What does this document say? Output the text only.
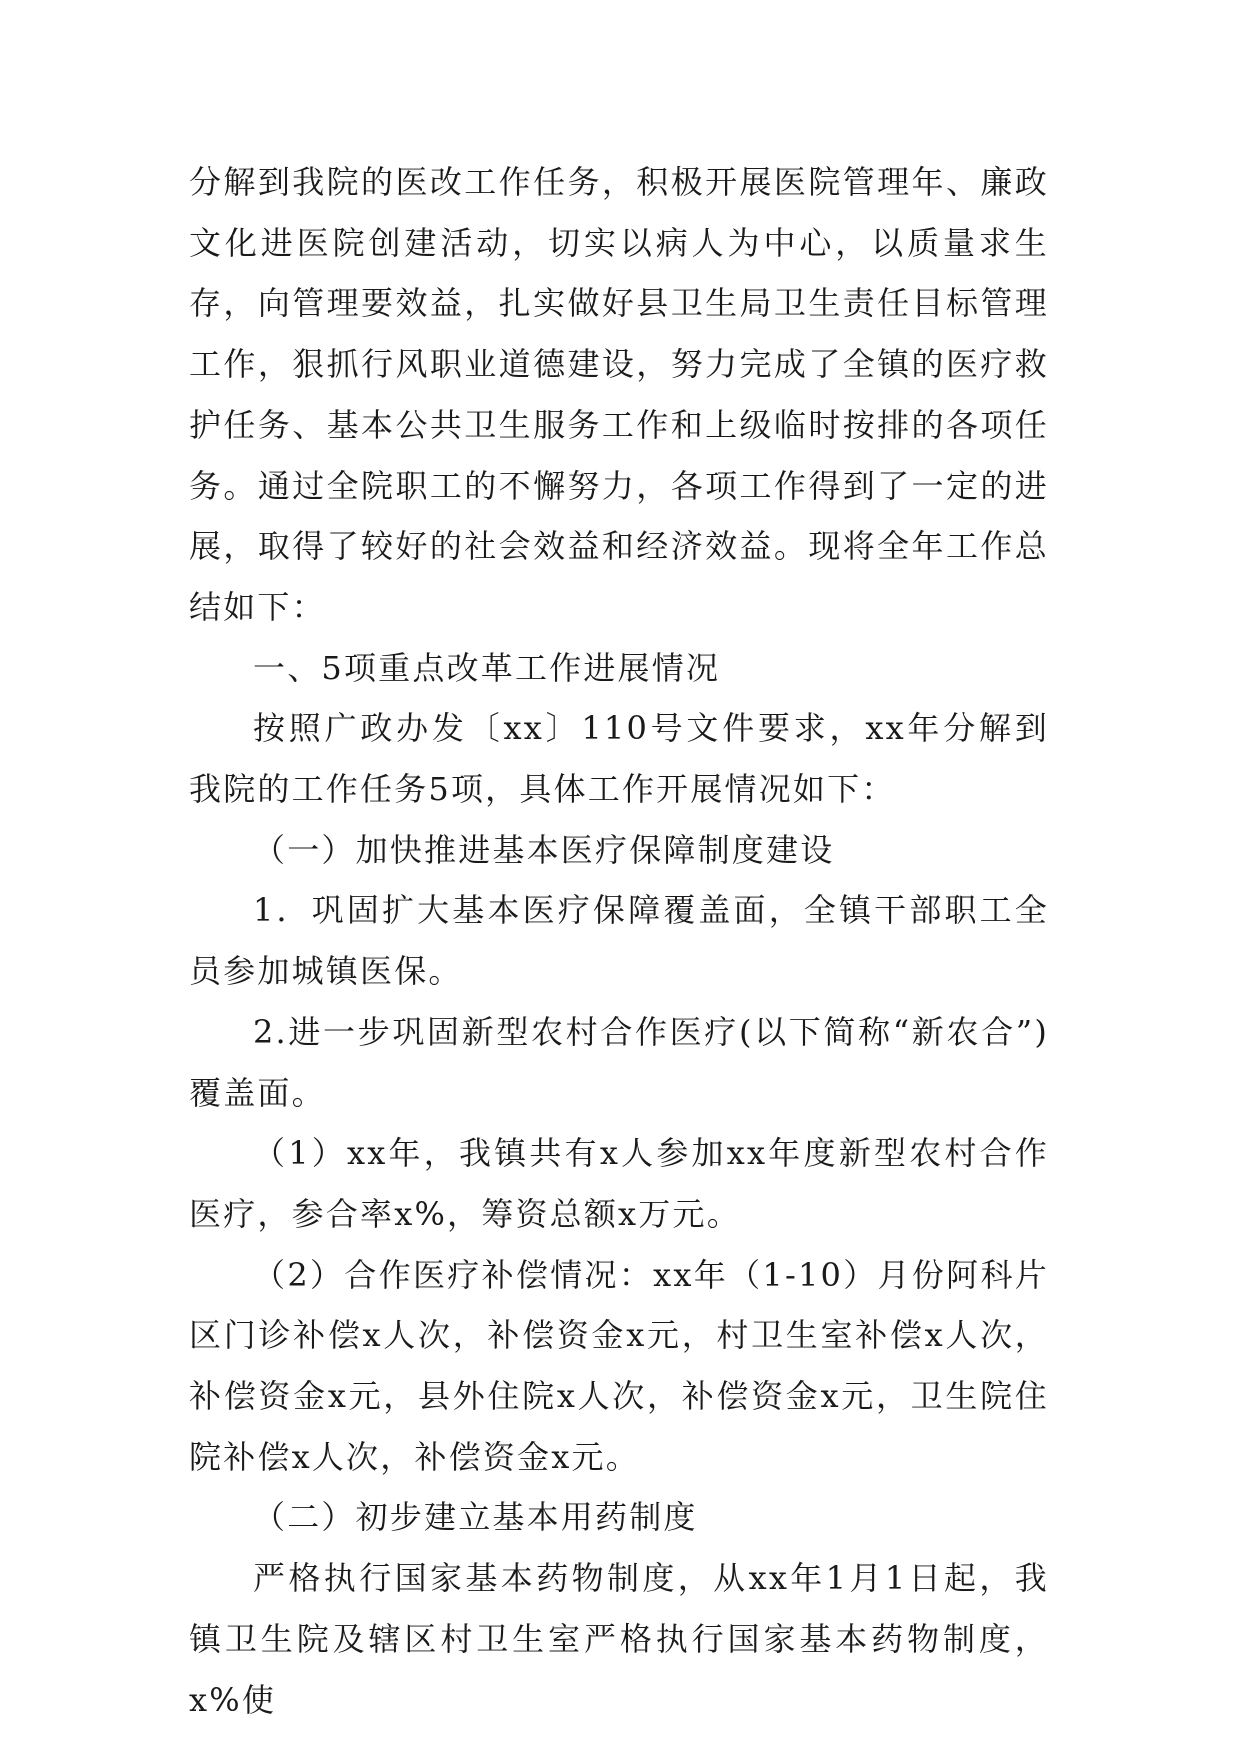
分解到我院的医改工作任务，积极开展医院管理年、廉政文化进医院创建活动，切实以病人为中心，以质量求生存，向管理要效益，扎实做好县卫生局卫生责任目标管理工作，狠抓行风职业道德建设，努力完成了全镇的医疗救护任务、基本公共卫生服务工作和上级临时按排的各项任务。通过全院职工的不懈努力，各项工作得到了一定的进展，取得了较好的社会效益和经济效益。现将全年工作总结如下：

一、5项重点改革工作进展情况

按照广政办发〔xx〕110号文件要求，xx年分解到我院的工作任务5项，具体工作开展情况如下：

（一）加快推进基本医疗保障制度建设

1．巩固扩大基本医疗保障覆盖面，全镇干部职工全员参加城镇医保。

2.进一步巩固新型农村合作医疗(以下简称“新农合”)覆盖面。

（1）xx年，我镇共有x人参加xx年度新型农村合作医疗，参合率x%，筹资总额x万元。

（2）合作医疗补偿情况：xx年（1-10）月份阿科片区门诊补偿x人次，补偿资金x元，村卫生室补偿x人次，补偿资金x元，县外住院x人次，补偿资金x元，卫生院住院补偿x人次，补偿资金x元。

（二）初步建立基本用药制度

严格执行国家基本药物制度，从xx年1月1日起，我镇卫生院及辖区村卫生室严格执行国家基本药物制度，x%使
